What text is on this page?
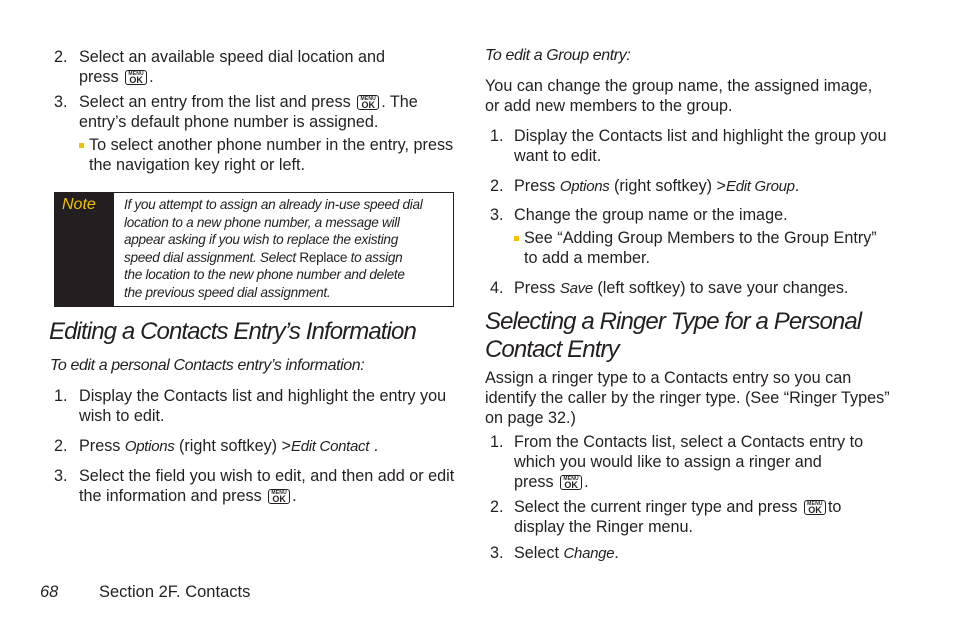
2. Select an available speed dial location and
press	MENU
OK .
3. Select an entry from the list and press	MENU
OK . The
entry’s default phone number is assigned.
To select another phone number in the entry, press
the navigation key right or left.
Note If you attempt to assign an already in-use speed dial
location to a new phone number, a message will
appear asking if you wish to replace the existing
speed dial assignment. Select Replace to assign
the location to the new phone number and delete
the previous speed dial assignment.
Editing a Contacts Entry’s Information
To edit a personal Contacts entry’s information:
1. Display the Contacts list and highlight the entry you
wish to edit.
2. Press Options (right softkey) >Edit Contact .
3. Select the field you wish to edit, and then add or edit
the information and press	MENU
OK .
68 Section 2F. Contacts
To edit a Group entry:
You can change the group name, the assigned image,
or add new members to the group.
1. Display the Contacts list and highlight the group you
want to edit.
2. Press Options (right softkey) >Edit Group.
3. Change the group name or the image.
See “Adding Group Members to the Group Entry”
to add a member.
4. Press Save (left softkey) to save your changes.
Selecting a Ringer Type for a Personal
Contact Entry
Assign a ringer type to a Contacts entry so you can
identify the caller by the ringer type. (See “Ringer Types”
on page 32.)
1. From the Contacts list, select a Contacts entry to
which you would like to assign a ringer and
press	MENU
OK .
2. Select the current ringer type and press	MENU
OK to
display the Ringer menu.
3. Select Change.
